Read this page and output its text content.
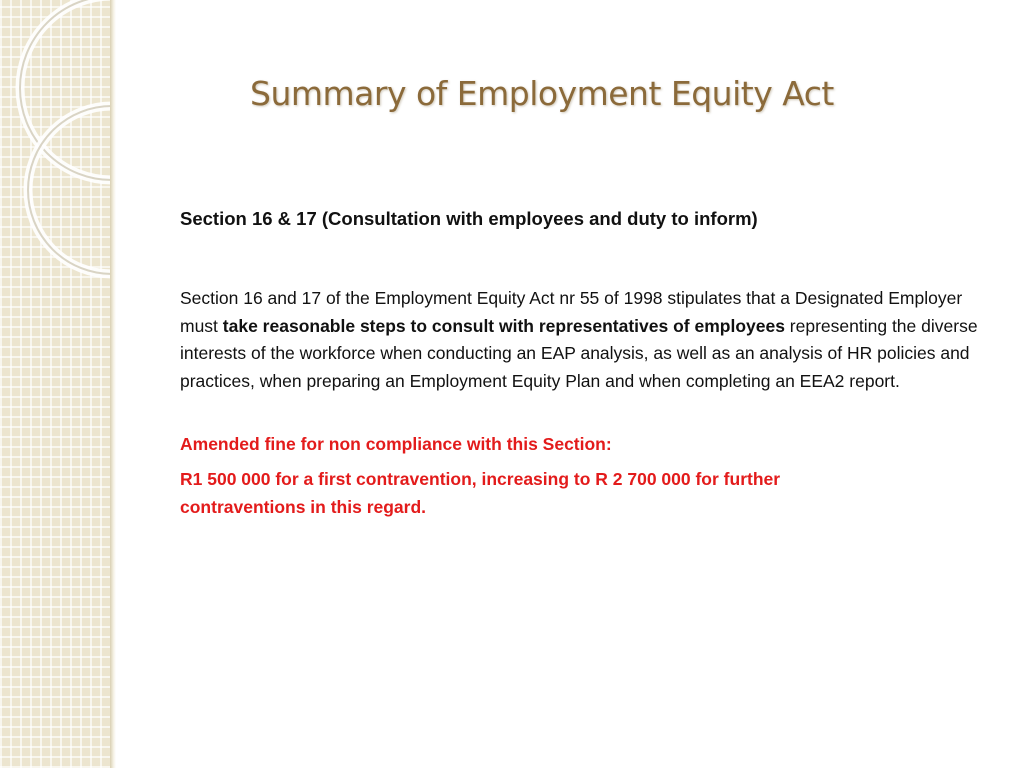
Summary of Employment Equity Act

Section 16 & 17 (Consultation with employees and duty to inform)

Section 16 and 17 of the Employment Equity Act nr 55 of 1998 stipulates that a Designated Employer must take reasonable steps to consult with representatives of employees representing the diverse interests of the workforce when conducting an EAP analysis, as well as an analysis of HR policies and practices, when preparing an Employment Equity Plan and when completing an EEA2 report.

Amended fine for non compliance with this Section:

R1 500 000 for a first contravention, increasing to R 2 700 000 for further contraventions in this regard.
